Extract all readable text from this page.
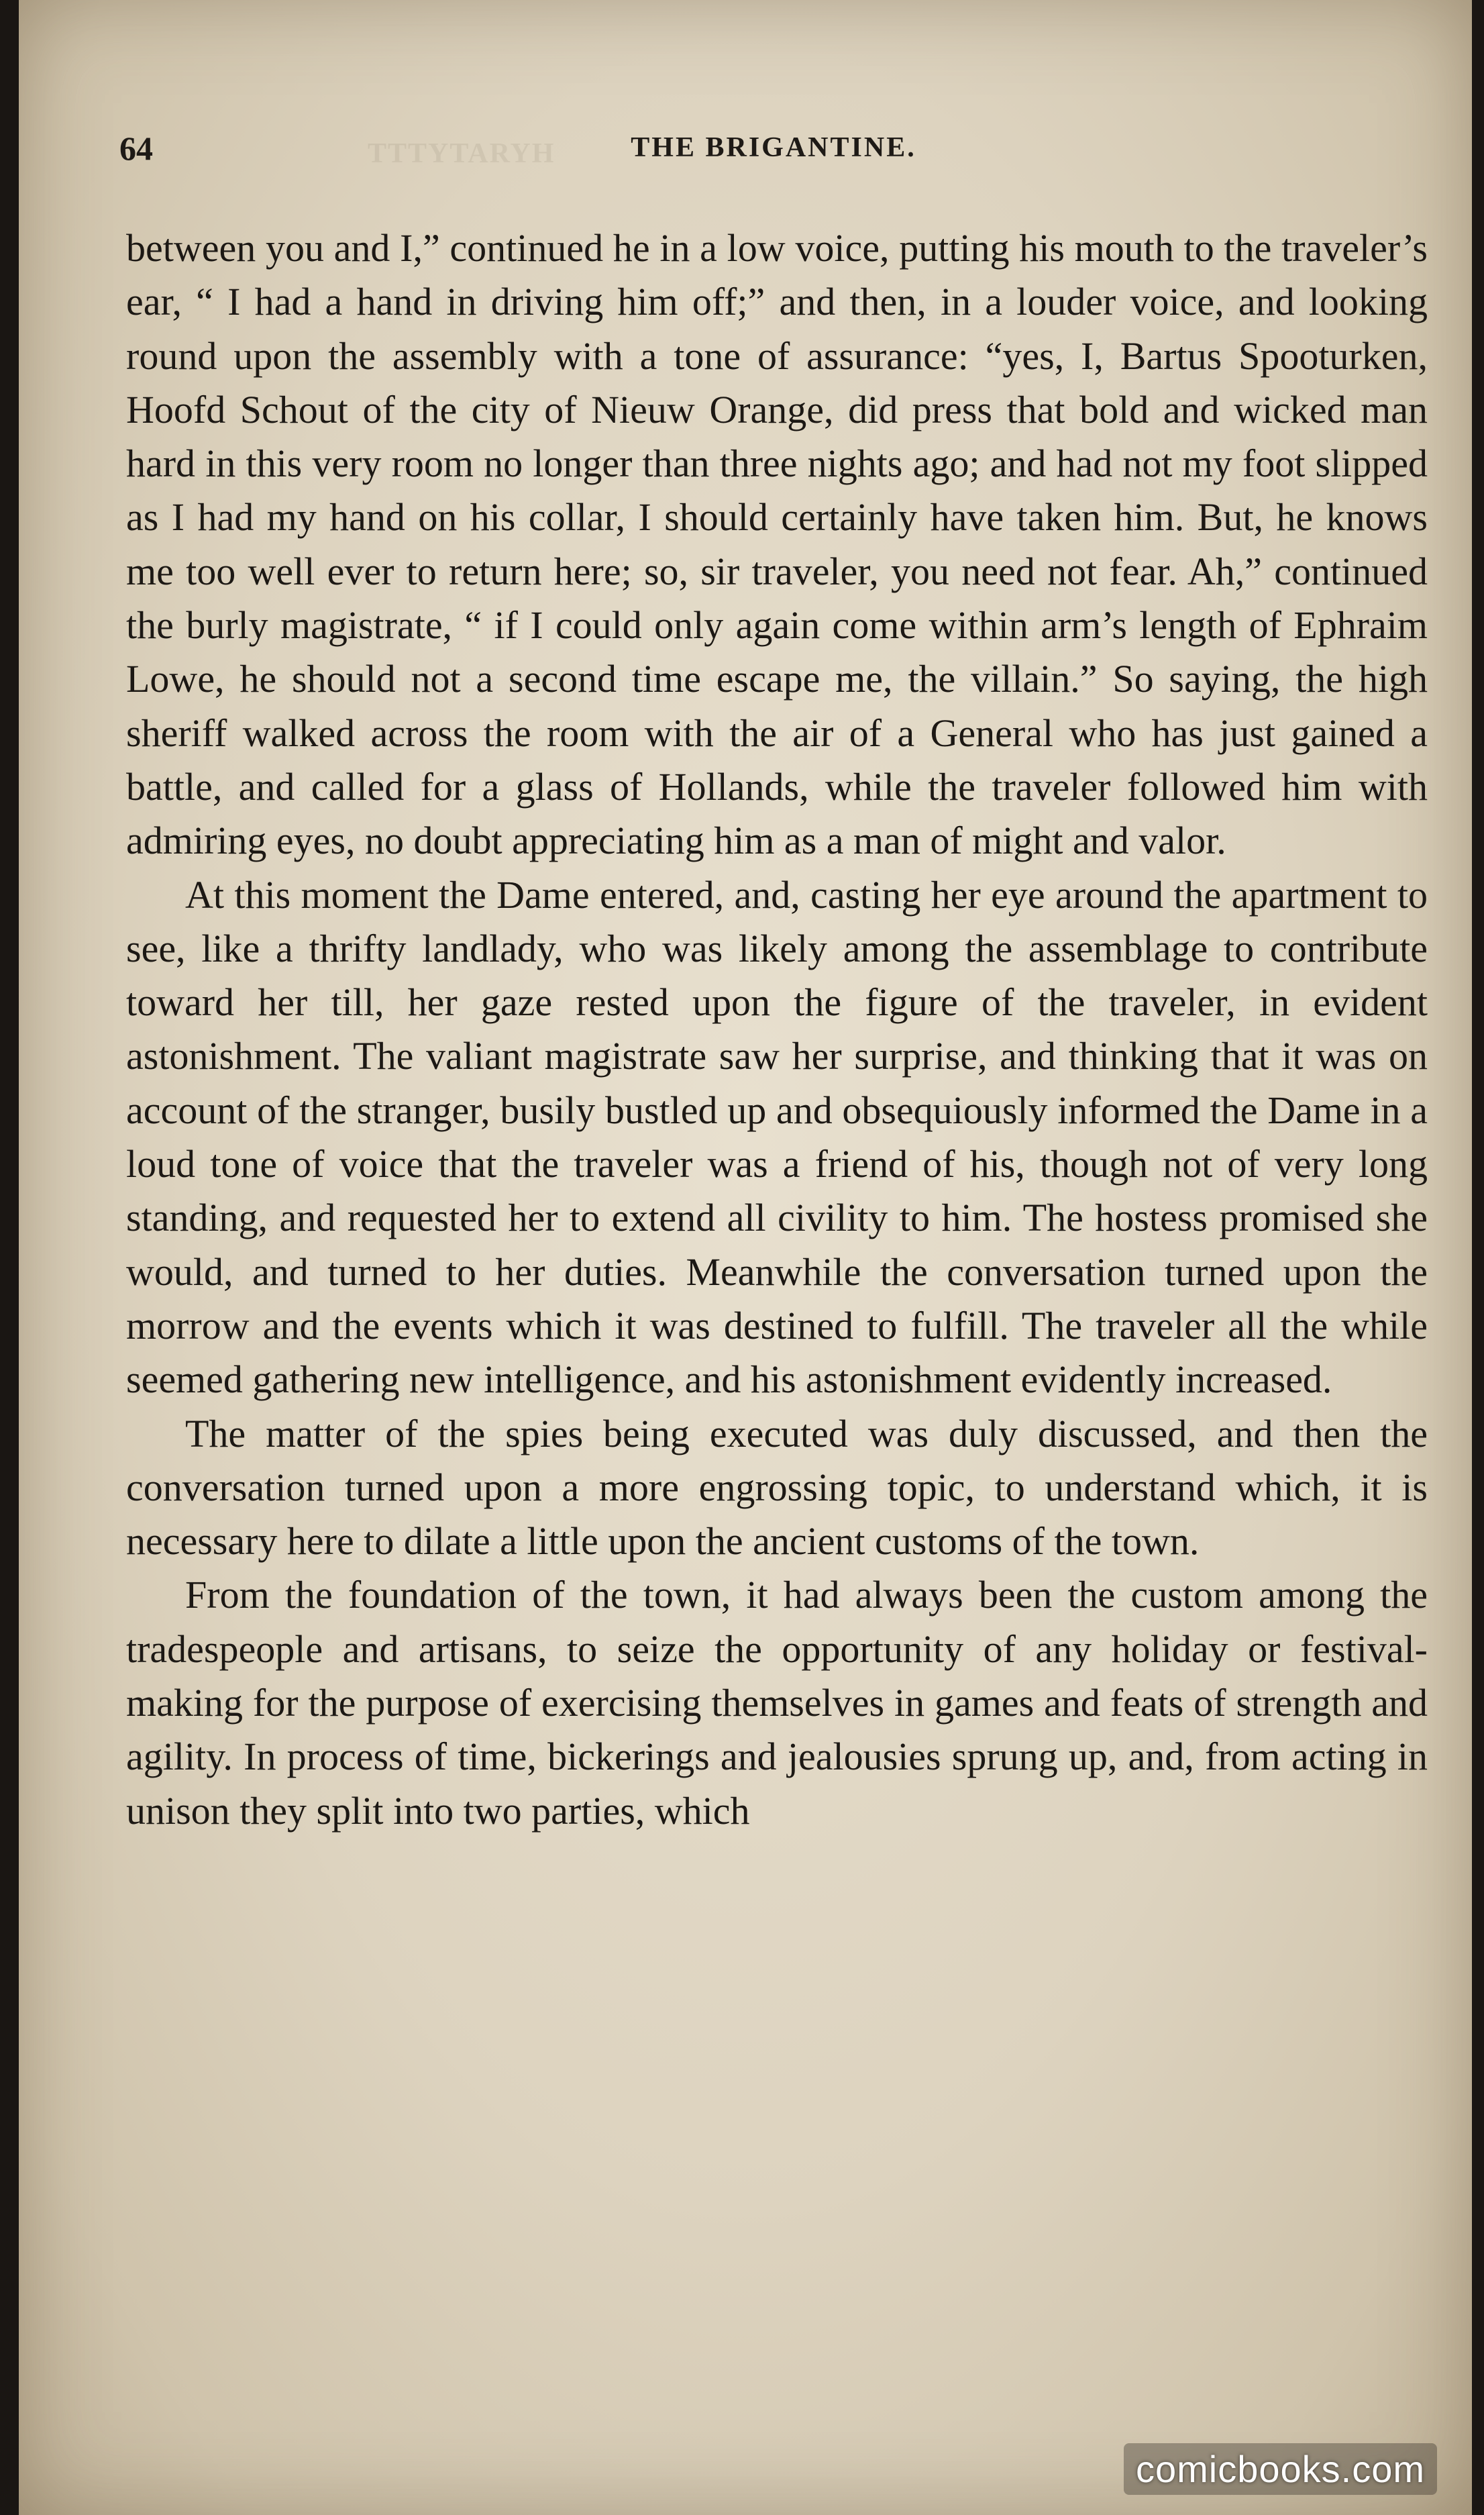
TTTYTARYH
64	THE BRIGANTINE.

between you and I,” continued he in a low voice, putting his mouth to the traveler’s ear, “ I had a hand in driving him off;” and then, in a louder voice, and looking round upon the assembly with a tone of assurance: “yes, I, Bartus Spooturken, Hoofd Schout of the city of Nieuw Orange, did press that bold and wicked man hard in this very room no longer than three nights ago; and had not my foot slipped as I had my hand on his collar, I should certainly have taken him. But, he knows me too well ever to return here; so, sir traveler, you need not fear. Ah,” continued the burly magistrate, “ if I could only again come within arm’s length of Ephraim Lowe, he should not a second time escape me, the villain.” So saying, the high sheriff walked across the room with the air of a General who has just gained a battle, and called for a glass of Hollands, while the traveler followed him with admiring eyes, no doubt appreciating him as a man of might and valor.

At this moment the Dame entered, and, casting her eye around the apartment to see, like a thrifty landlady, who was likely among the assemblage to contribute toward her till, her gaze rested upon the figure of the traveler, in evident astonishment. The valiant magistrate saw her surprise, and thinking that it was on account of the stranger, busily bustled up and obsequiously informed the Dame in a loud tone of voice that the traveler was a friend of his, though not of very long standing, and requested her to extend all civility to him. The hostess promised she would, and turned to her duties. Meanwhile the conversation turned upon the morrow and the events which it was destined to fulfill. The traveler all the while seemed gathering new intelligence, and his astonishment evidently increased.

The matter of the spies being executed was duly discussed, and then the conversation turned upon a more engrossing topic, to understand which, it is necessary here to dilate a little upon the ancient customs of the town.

From the foundation of the town, it had always been the custom among the tradespeople and artisans, to seize the opportunity of any holiday or festival-making for the purpose of exercising themselves in games and feats of strength and agility. In process of time, bickerings and jealousies sprung up, and, from acting in unison they split into two parties, which

comicbooks.com
